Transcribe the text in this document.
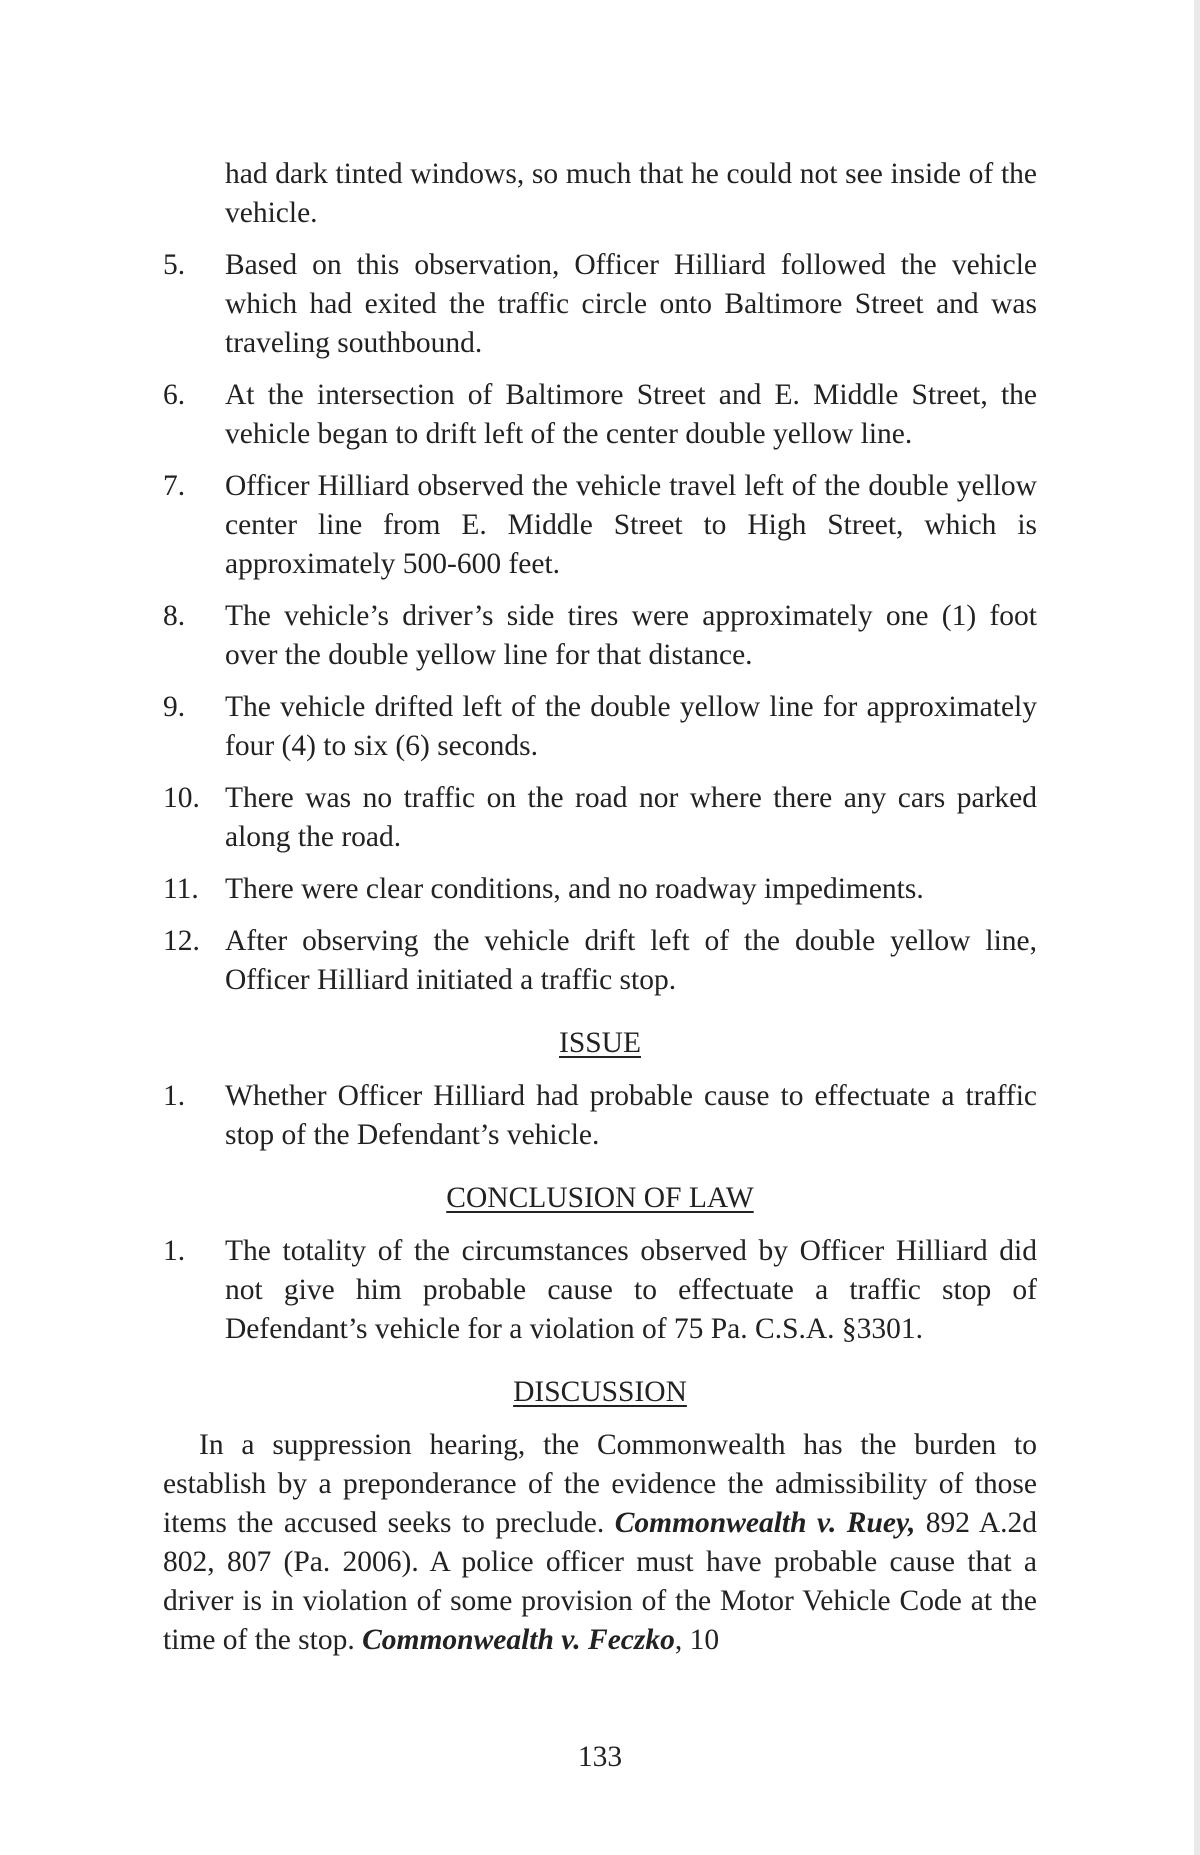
had dark tinted windows, so much that he could not see inside of the vehicle.
5.	Based on this observation, Officer Hilliard followed the vehicle which had exited the traffic circle onto Baltimore Street and was traveling southbound.
6.	At the intersection of Baltimore Street and E. Middle Street, the vehicle began to drift left of the center double yellow line.
7.	Officer Hilliard observed the vehicle travel left of the double yellow center line from E. Middle Street to High Street, which is approximately 500-600 feet.
8.	The vehicle’s driver’s side tires were approximately one (1) foot over the double yellow line for that distance.
9.	The vehicle drifted left of the double yellow line for approximately four (4) to six (6) seconds.
10. There was no traffic on the road nor where there any cars parked along the road.
11. There were clear conditions, and no roadway impediments.
12. After observing the vehicle drift left of the double yellow line, Officer Hilliard initiated a traffic stop.
ISSUE
1.	Whether Officer Hilliard had probable cause to effectuate a traffic stop of the Defendant’s vehicle.
CONCLUSION OF LAW
1.	The totality of the circumstances observed by Officer Hilliard did not give him probable cause to effectuate a traffic stop of Defendant’s vehicle for a violation of 75 Pa. C.S.A. §3301.
DISCUSSION
In a suppression hearing, the Commonwealth has the burden to establish by a preponderance of the evidence the admissibility of those items the accused seeks to preclude. Commonwealth v. Ruey, 892 A.2d 802, 807 (Pa. 2006). A police officer must have probable cause that a driver is in violation of some provision of the Motor Vehicle Code at the time of the stop. Commonwealth v. Feczko, 10
133
